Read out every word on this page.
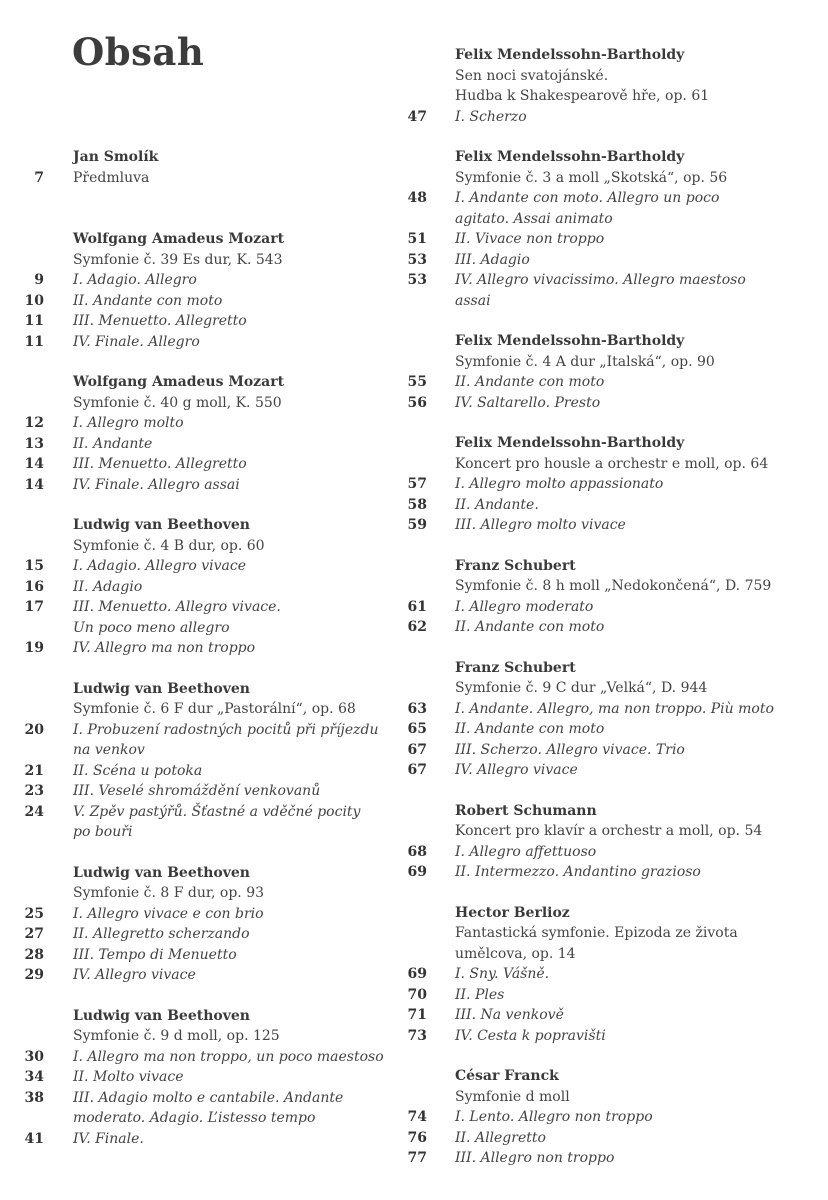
Obsah
Jan Smolík
7 Předmluva
Wolfgang Amadeus Mozart
Symfonie č. 39 Es dur, K. 543
9 I. Adagio. Allegro
10 II. Andante con moto
11 III. Menuetto. Allegretto
11 IV. Finale. Allegro
Wolfgang Amadeus Mozart
Symfonie č. 40 g moll, K. 550
12 I. Allegro molto
13 II. Andante
14 III. Menuetto. Allegretto
14 IV. Finale. Allegro assai
Ludwig van Beethoven
Symfonie č. 4 B dur, op. 60
15 I. Adagio. Allegro vivace
16 II. Adagio
17 III. Menuetto. Allegro vivace.
Un poco meno allegro
19 IV. Allegro ma non troppo
Ludwig van Beethoven
Symfonie č. 6 F dur „Pastorální“, op. 68
20 I. Probuzení radostných pocitů při příjezdu
na venkov
21 II. Scéna u potoka
23 III. Veselé shromáždění venkovanů
24 V. Zpěv pastýřů. Šťastné a vděčné pocity
po bouři
Ludwig van Beethoven
Symfonie č. 8 F dur, op. 93
25 I. Allegro vivace e con brio
27 II. Allegretto scherzando
28 III. Tempo di Menuetto
29 IV. Allegro vivace
Ludwig van Beethoven
Symfonie č. 9 d moll, op. 125
30 I. Allegro ma non troppo, un poco maestoso
34 II. Molto vivace
38 III. Adagio molto e cantabile. Andante
moderato. Adagio. L’istesso tempo
41 IV. Finale.
Felix Mendelssohn-Bartholdy
Sen noci svatojánské.
Hudba k Shakespearově hře, op. 61
47 I. Scherzo
Felix Mendelssohn-Bartholdy
Symfonie č. 3 a moll „Skotská“, op. 56
48 I. Andante con moto. Allegro un poco
agitato. Assai animato
51 II. Vivace non troppo
53 III. Adagio
53 IV. Allegro vivacissimo. Allegro maestoso
assai
Felix Mendelssohn-Bartholdy
Symfonie č. 4 A dur „Italská“, op. 90
55 II. Andante con moto
56 IV. Saltarello. Presto
Felix Mendelssohn-Bartholdy
Koncert pro housle a orchestr e moll, op. 64
57 I. Allegro molto appassionato
58 II. Andante.
59 III. Allegro molto vivace
Franz Schubert
Symfonie č. 8 h moll „Nedokončená“, D. 759
61 I. Allegro moderato
62 II. Andante con moto
Franz Schubert
Symfonie č. 9 C dur „Velká“, D. 944
63 I. Andante. Allegro, ma non troppo. Più moto
65 II. Andante con moto
67 III. Scherzo. Allegro vivace. Trio
67 IV. Allegro vivace
Robert Schumann
Koncert pro klavír a orchestr a moll, op. 54
68 I. Allegro affettuoso
69 II. Intermezzo. Andantino grazioso
Hector Berlioz
Fantastická symfonie. Epizoda ze života
umělcova, op. 14
69 I. Sny. Vášně.
70 II. Ples
71 III. Na venkově
73 IV. Cesta k popravišti
César Franck
Symfonie d moll
74 I. Lento. Allegro non troppo
76 II. Allegretto
77 III. Allegro non troppo
